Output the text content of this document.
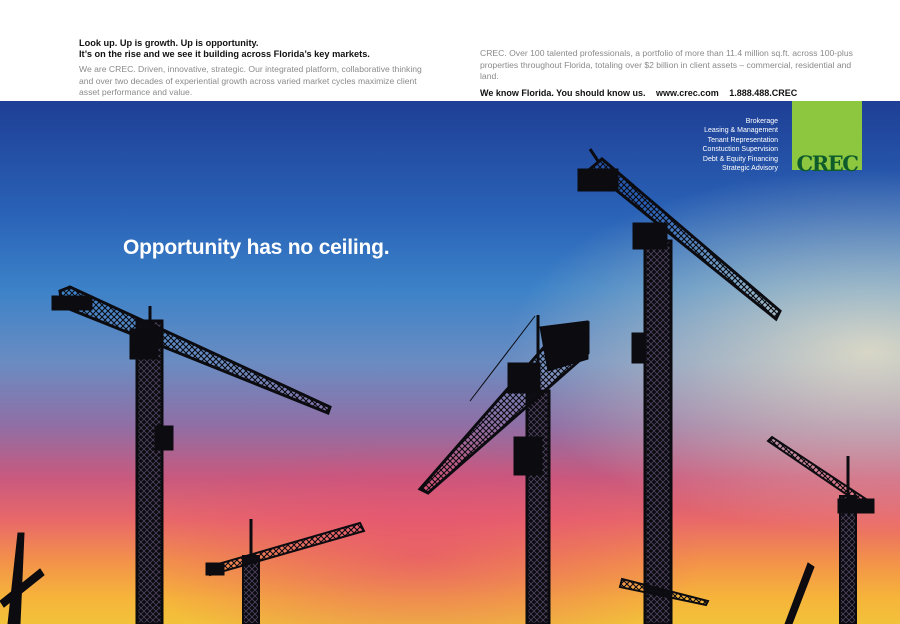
Look up. Up is growth. Up is opportunity.
It’s on the rise and we see it building across Florida’s key markets.
We are CREC. Driven, innovative, strategic. Our integrated platform, collaborative thinking and over two decades of experiential growth across varied market cycles maximize client asset performance and value.
CREC. Over 100 talented professionals, a portfolio of more than 11.4 million sq.ft. across 100-plus properties throughout Florida, totaling over $2 billion in client assets – commercial, residential and land.
We know Florida. You should know us. www.crec.com 1.888.488.CREC
Opportunity has no ceiling.
Brokerage
Leasing & Management
Tenant Representation
Constuction Supervision
Debt & Equity Financing
Strategic Advisory CREC
